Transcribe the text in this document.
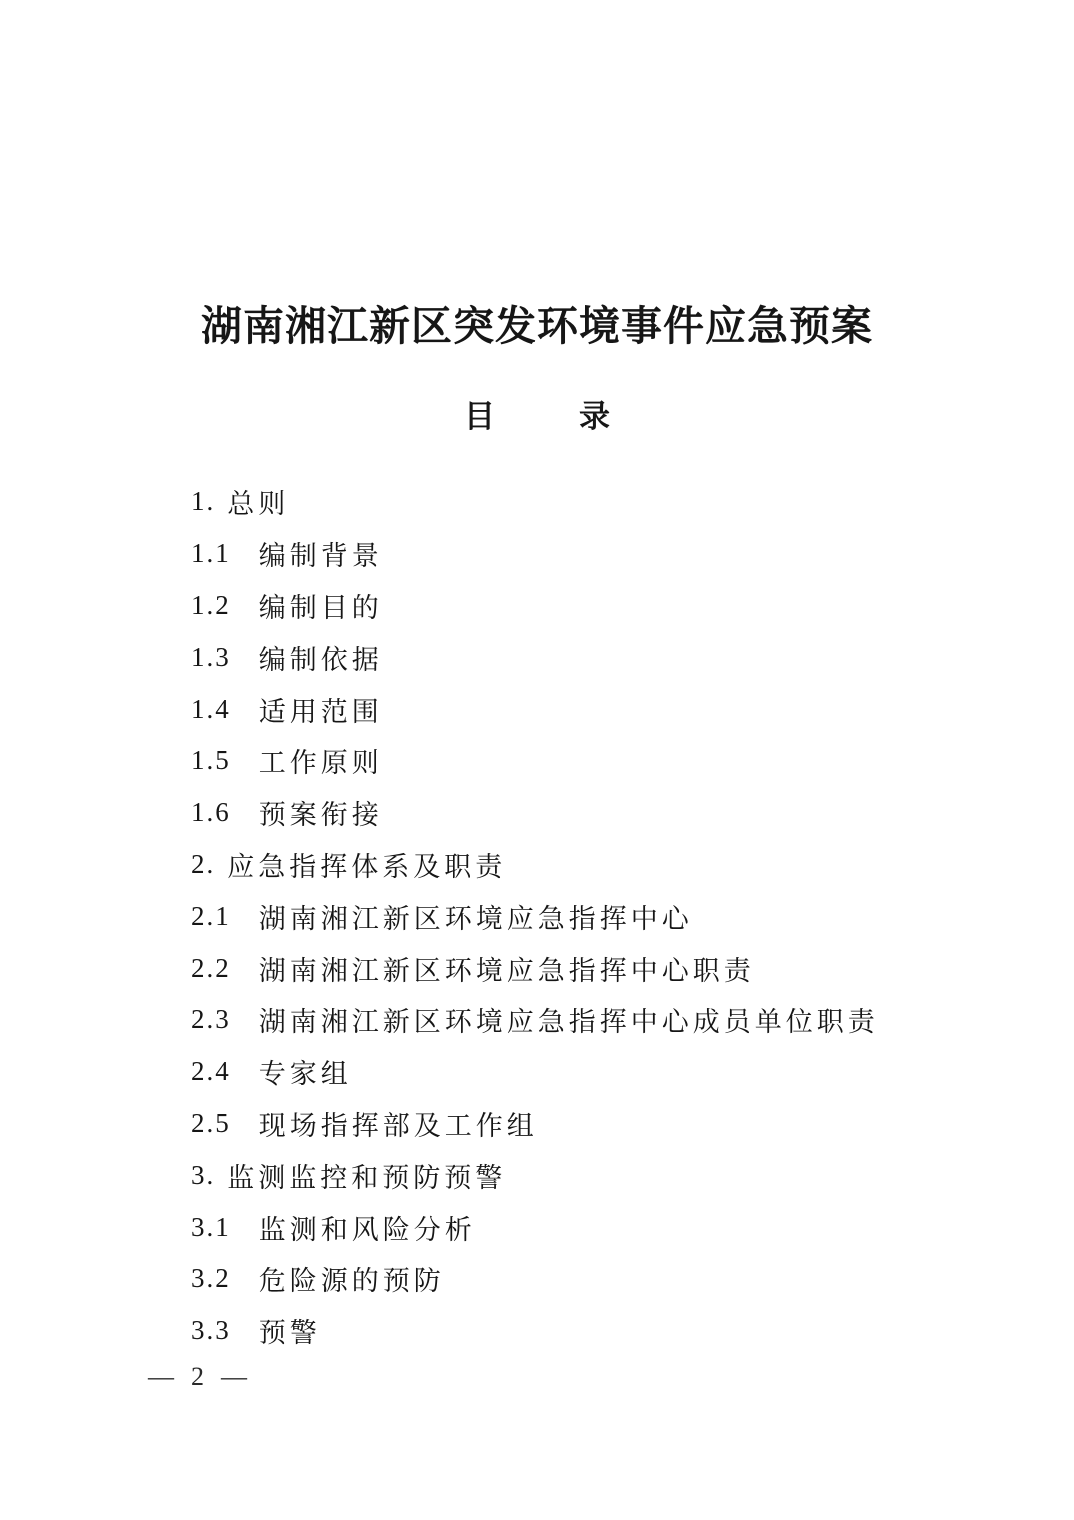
湖南湘江新区突发环境事件应急预案
目	录
1. 总则
1.1 编制背景
1.2 编制目的
1.3 编制依据
1.4 适用范围
1.5 工作原则
1.6 预案衔接
2. 应急指挥体系及职责
2.1 湖南湘江新区环境应急指挥中心
2.2 湖南湘江新区环境应急指挥中心职责
2.3 湖南湘江新区环境应急指挥中心成员单位职责
2.4 专家组
2.5 现场指挥部及工作组
3. 监测监控和预防预警
3.1 监测和风险分析
3.2 危险源的预防
3.3 预警
— 2 —
